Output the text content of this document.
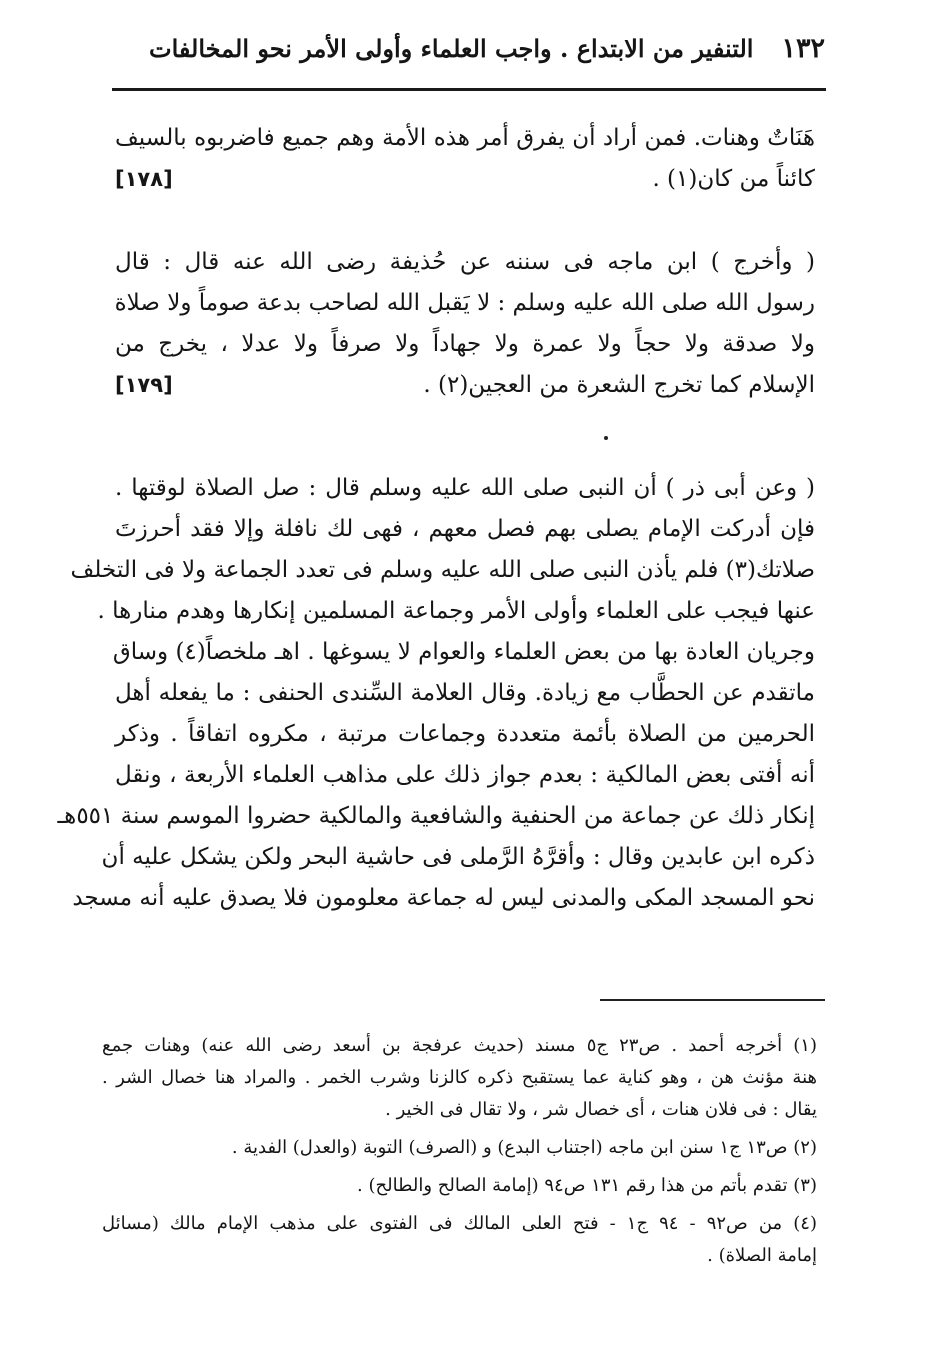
١٣٢
التنفير من الابتداع . واجب العلماء وأولى الأمر نحو المخالفات
هَنَاتٌ وهنات. فمن أراد أن يفرق أمر هذه الأمة وهم جميع فاضربوه بالسيف
كائناً من كان(١) .
[١٧٨]
( وأخرج ) ابن ماجه فى سننه عن حُذيفة رضى الله عنه قال : قال
رسول الله صلى الله عليه وسلم : لا يَقبل الله لصاحب بدعة صوماً ولا صلاة
ولا صدقة ولا حجاً ولا عمرة ولا جهاداً ولا صرفاً ولا عدلا ، يخرج من
الإسلام كما تخرج الشعرة من العجين(٢) .
[١٧٩]
( وعن أبى ذر ) أن النبى صلى الله عليه وسلم قال : صل الصلاة لوقتها .
فإن أدركت الإمام يصلى بهم فصل معهم ، فهى لك نافلة وإلا فقد أحرزتَ
صلاتك(٣) فلم يأذن النبى صلى الله عليه وسلم فى تعدد الجماعة ولا فى التخلف
عنها فيجب على العلماء وأولى الأمر وجماعة المسلمين إنكارها وهدم منارها .
وجريان العادة بها من بعض العلماء والعوام لا يسوغها . اهـ ملخصاً(٤) وساق
ماتقدم عن الحطَّاب مع زيادة. وقال العلامة السِّندى الحنفى : ما يفعله أهل
الحرمين من الصلاة بأئمة متعددة وجماعات مرتبة ، مكروه اتفاقاً . وذكر
أنه أفتى بعض المالكية : بعدم جواز ذلك على مذاهب العلماء الأربعة ، ونقل
إنكار ذلك عن جماعة من الحنفية والشافعية والمالكية حضروا الموسم سنة ٥٥١هـ
ذكره ابن عابدين وقال : وأقرَّهُ الرَّملى فى حاشية البحر ولكن يشكل عليه أن
نحو المسجد المكى والمدنى ليس له جماعة معلومون فلا يصدق عليه أنه مسجد
(١) أخرجه أحمد . ص٢٣ ج٥ مسند (حديث عرفجة بن أسعد رضى الله عنه) وهنات جمع
هنة مؤنث هن ، وهو كناية عما يستقبح ذكره كالزنا وشرب الخمر . والمراد هنا خصال الشر .
يقال : فى فلان هنات ، أى خصال شر ، ولا تقال فى الخير .
(٢) ص١٣ ج١ سنن ابن ماجه (اجتناب البدع) و (الصرف) التوبة (والعدل) الفدية .
(٣) تقدم بأتم من هذا رقم ١٣١ ص٩٤ (إمامة الصالح والطالح) .
(٤) من ص٩٢ - ٩٤ ج١ - فتح العلى المالك فى الفتوى على مذهب الإمام مالك (مسائل
إمامة الصلاة) .
